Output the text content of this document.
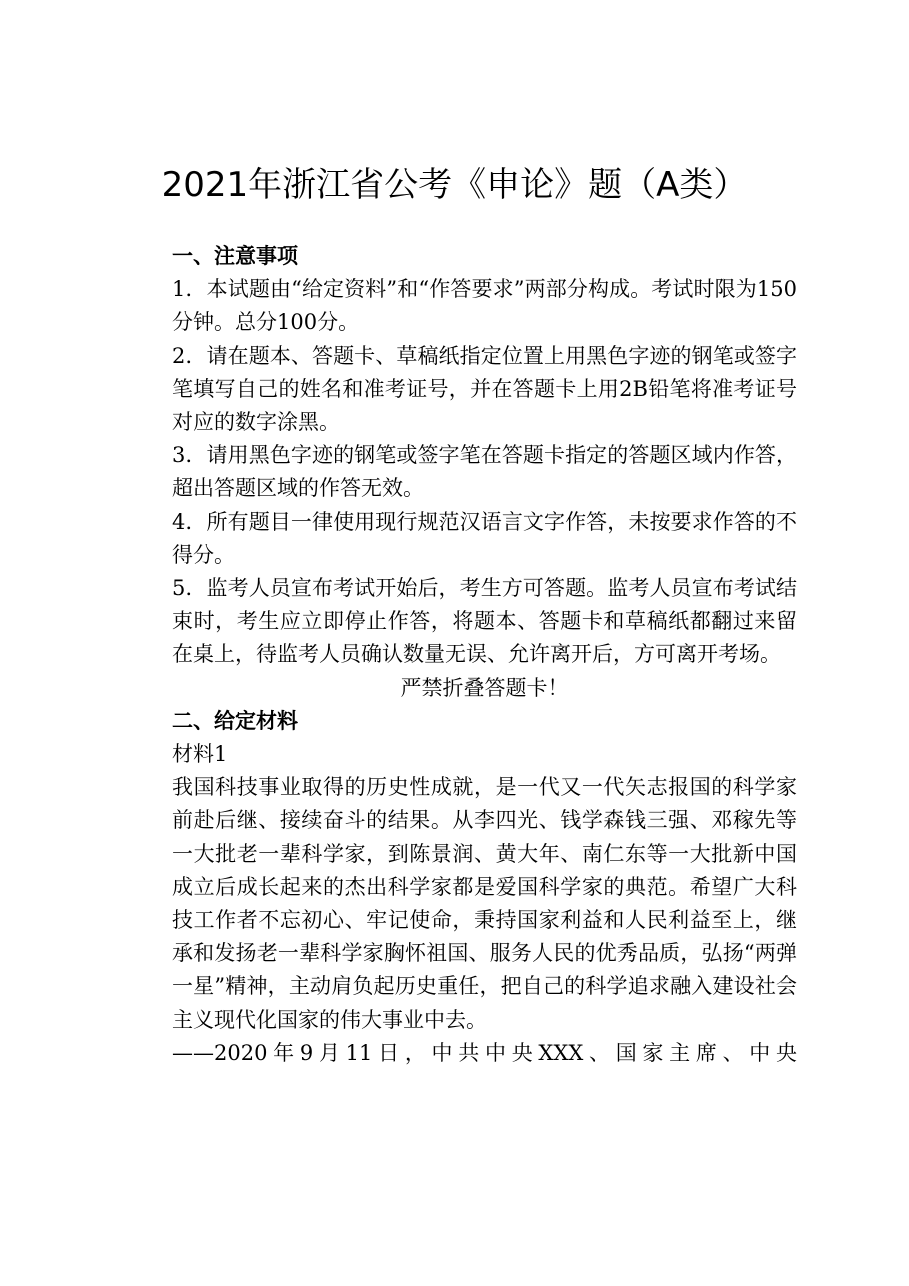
2021年浙江省公考《申论》题（A类）

一、注意事项

1．本试题由“给定资料”和“作答要求”两部分构成。考试时限为150分钟。总分100分。

2．请在题本、答题卡、草稿纸指定位置上用黑色字迹的钢笔或签字笔填写自己的姓名和准考证号，并在答题卡上用2B铅笔将准考证号对应的数字涂黑。

3．请用黑色字迹的钢笔或签字笔在答题卡指定的答题区域内作答，超出答题区域的作答无效。

4．所有题目一律使用现行规范汉语言文字作答，未按要求作答的不得分。

5．监考人员宣布考试开始后，考生方可答题。监考人员宣布考试结束时，考生应立即停止作答，将题本、答题卡和草稿纸都翻过来留在桌上，待监考人员确认数量无误、允许离开后，方可离开考场。

严禁折叠答题卡！

二、给定材料

材料1

我国科技事业取得的历史性成就，是一代又一代矢志报国的科学家前赴后继、接续奋斗的结果。从李四光、钱学森钱三强、邓稼先等一大批老一辈科学家，到陈景润、黄大年、南仁东等一大批新中国成立后成长起来的杰出科学家都是爱国科学家的典范。希望广大科技工作者不忘初心、牢记使命，秉持国家利益和人民利益至上，继承和发扬老一辈科学家胸怀祖国、服务人民的优秀品质，弘扬“两弹一星”精神，主动肩负起历史重任，把自己的科学追求融入建设社会主义现代化国家的伟大事业中去。

——2020年9月11日，中共中央XXX、国家主席、中央
